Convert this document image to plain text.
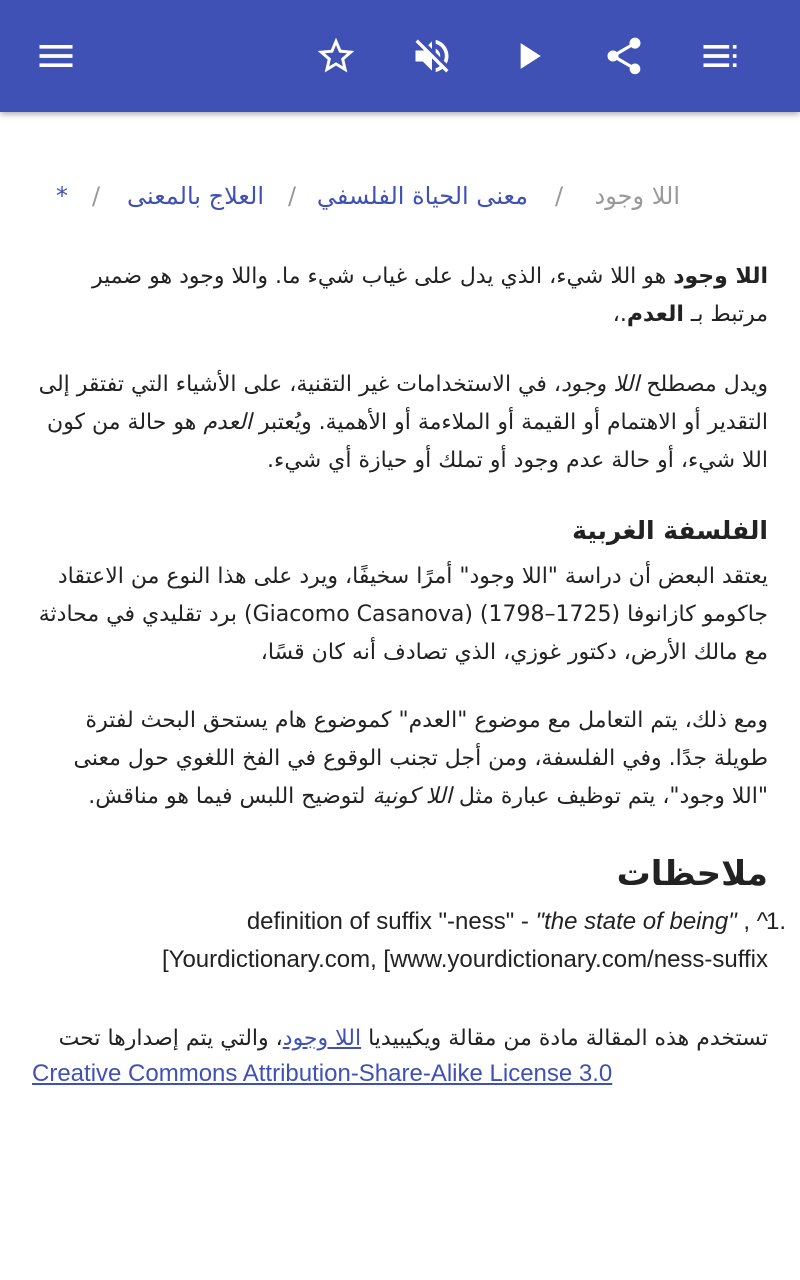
اللا وجود
/
معنى الحياة الفلسفي
/
العلاج بالمعنى
/
*

اللا وجود هو اللا شيء، الذي يدل على غياب شيء ما. واللا وجود هو ضمير مرتبط بـ العدم.،

ويدل مصطلح اللا وجود، في الاستخدامات غير التقنية، على الأشياء التي تفتقر إلى التقدير أو الاهتمام أو القيمة أو الملاءمة أو الأهمية. ويُعتبر العدم هو حالة من كون اللا شيء، أو حالة عدم وجود أو تملك أو حيازة أي شيء.

الفلسفة الغربية

يعتقد البعض أن دراسة "اللا وجود" أمرًا سخيفًا، ويرد على هذا النوع من الاعتقاد جاكومو كازانوفا (1725–1798) (Giacomo Casanova) برد تقليدي في محادثة مع مالك الأرض، دكتور غوزي، الذي تصادف أنه كان قسًا،

ومع ذلك، يتم التعامل مع موضوع "العدم" كموضوع هام يستحق البحث لفترة طويلة جدًا. وفي الفلسفة، ومن أجل تجنب الوقوع في الفخ اللغوي حول معنى "اللا وجود"، يتم توظيف عبارة مثل اللا كونية لتوضيح اللبس فيما هو مناقش.

ملاحظات
1.
definition of suffix "-ness" - "the state of being" , ^
[Yourdictionary.com, [www.yourdictionary.com/ness-suffix

تستخدم هذه المقالة مادة من مقالة ويكيبيديا اللا وجود، والتي يتم إصدارها تحت

Creative Commons Attribution-Share-Alike License 3.0
